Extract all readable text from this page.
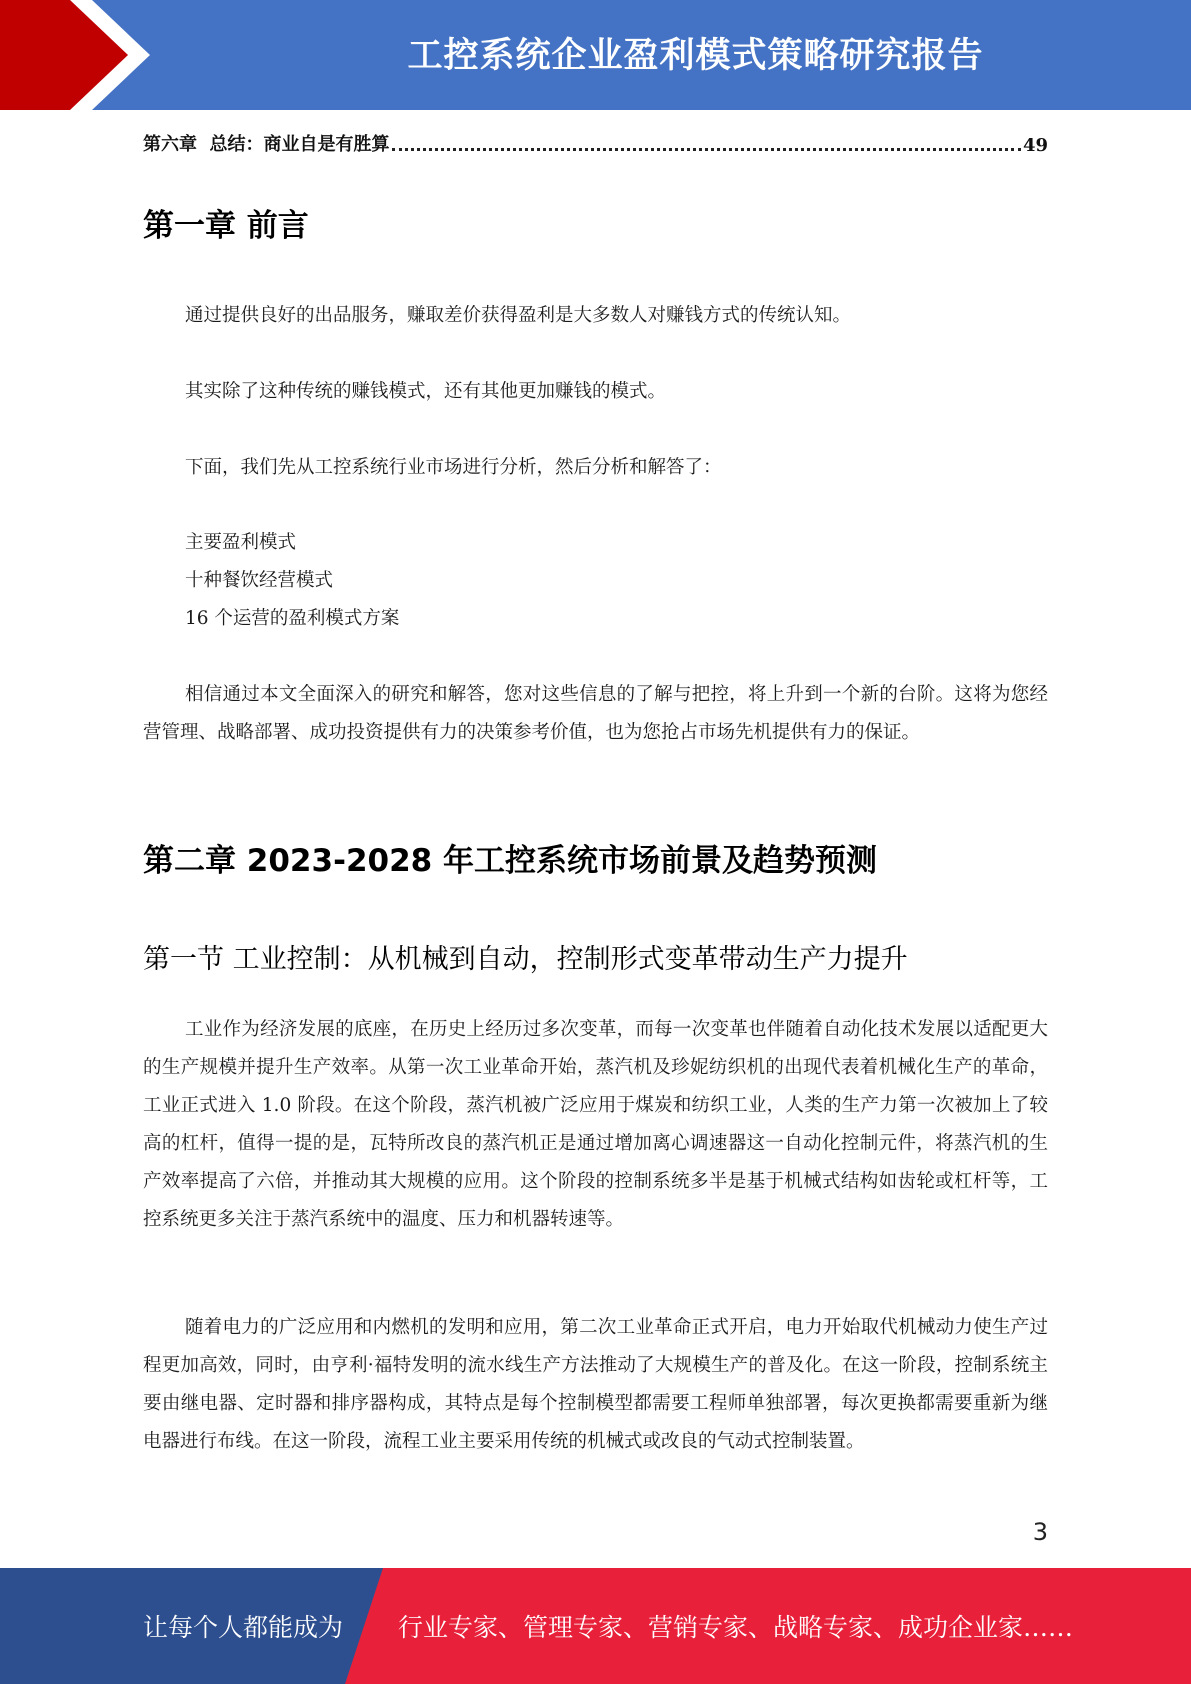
工控系统企业盈利模式策略研究报告
第六章  总结：商业自是有胜算	49
第一章 前言
通过提供良好的出品服务，赚取差价获得盈利是大多数人对赚钱方式的传统认知。
其实除了这种传统的赚钱模式，还有其他更加赚钱的模式。
下面，我们先从工控系统行业市场进行分析，然后分析和解答了：
主要盈利模式
十种餐饮经营模式
16 个运营的盈利模式方案

相信通过本文全面深入的研究和解答，您对这些信息的了解与把控，将上升到一个新的台阶。这将为您经营管理、战略部署、成功投资提供有力的决策参考价值，也为您抢占市场先机提供有力的保证。

第二章 2023-2028 年工控系统市场前景及趋势预测
第一节 工业控制：从机械到自动，控制形式变革带动生产力提升

工业作为经济发展的底座，在历史上经历过多次变革，而每一次变革也伴随着自动化技术发展以适配更大的生产规模并提升生产效率。从第一次工业革命开始，蒸汽机及珍妮纺织机的出现代表着机械化生产的革命，工业正式进入 1.0 阶段。在这个阶段，蒸汽机被广泛应用于煤炭和纺织工业，人类的生产力第一次被加上了较高的杠杆，值得一提的是，瓦特所改良的蒸汽机正是通过增加离心调速器这一自动化控制元件，将蒸汽机的生产效率提高了六倍，并推动其大规模的应用。这个阶段的控制系统多半是基于机械式结构如齿轮或杠杆等，工控系统更多关注于蒸汽系统中的温度、压力和机器转速等。

随着电力的广泛应用和内燃机的发明和应用，第二次工业革命正式开启，电力开始取代机械动力使生产过程更加高效，同时，由亨利·福特发明的流水线生产方法推动了大规模生产的普及化。在这一阶段，控制系统主要由继电器、定时器和排序器构成，其特点是每个控制模型都需要工程师单独部署，每次更换都需要重新为继电器进行布线。在这一阶段，流程工业主要采用传统的机械式或改良的气动式控制装置。

3
让每个人都能成为 行业专家、管理专家、营销专家、战略专家、成功企业家……
